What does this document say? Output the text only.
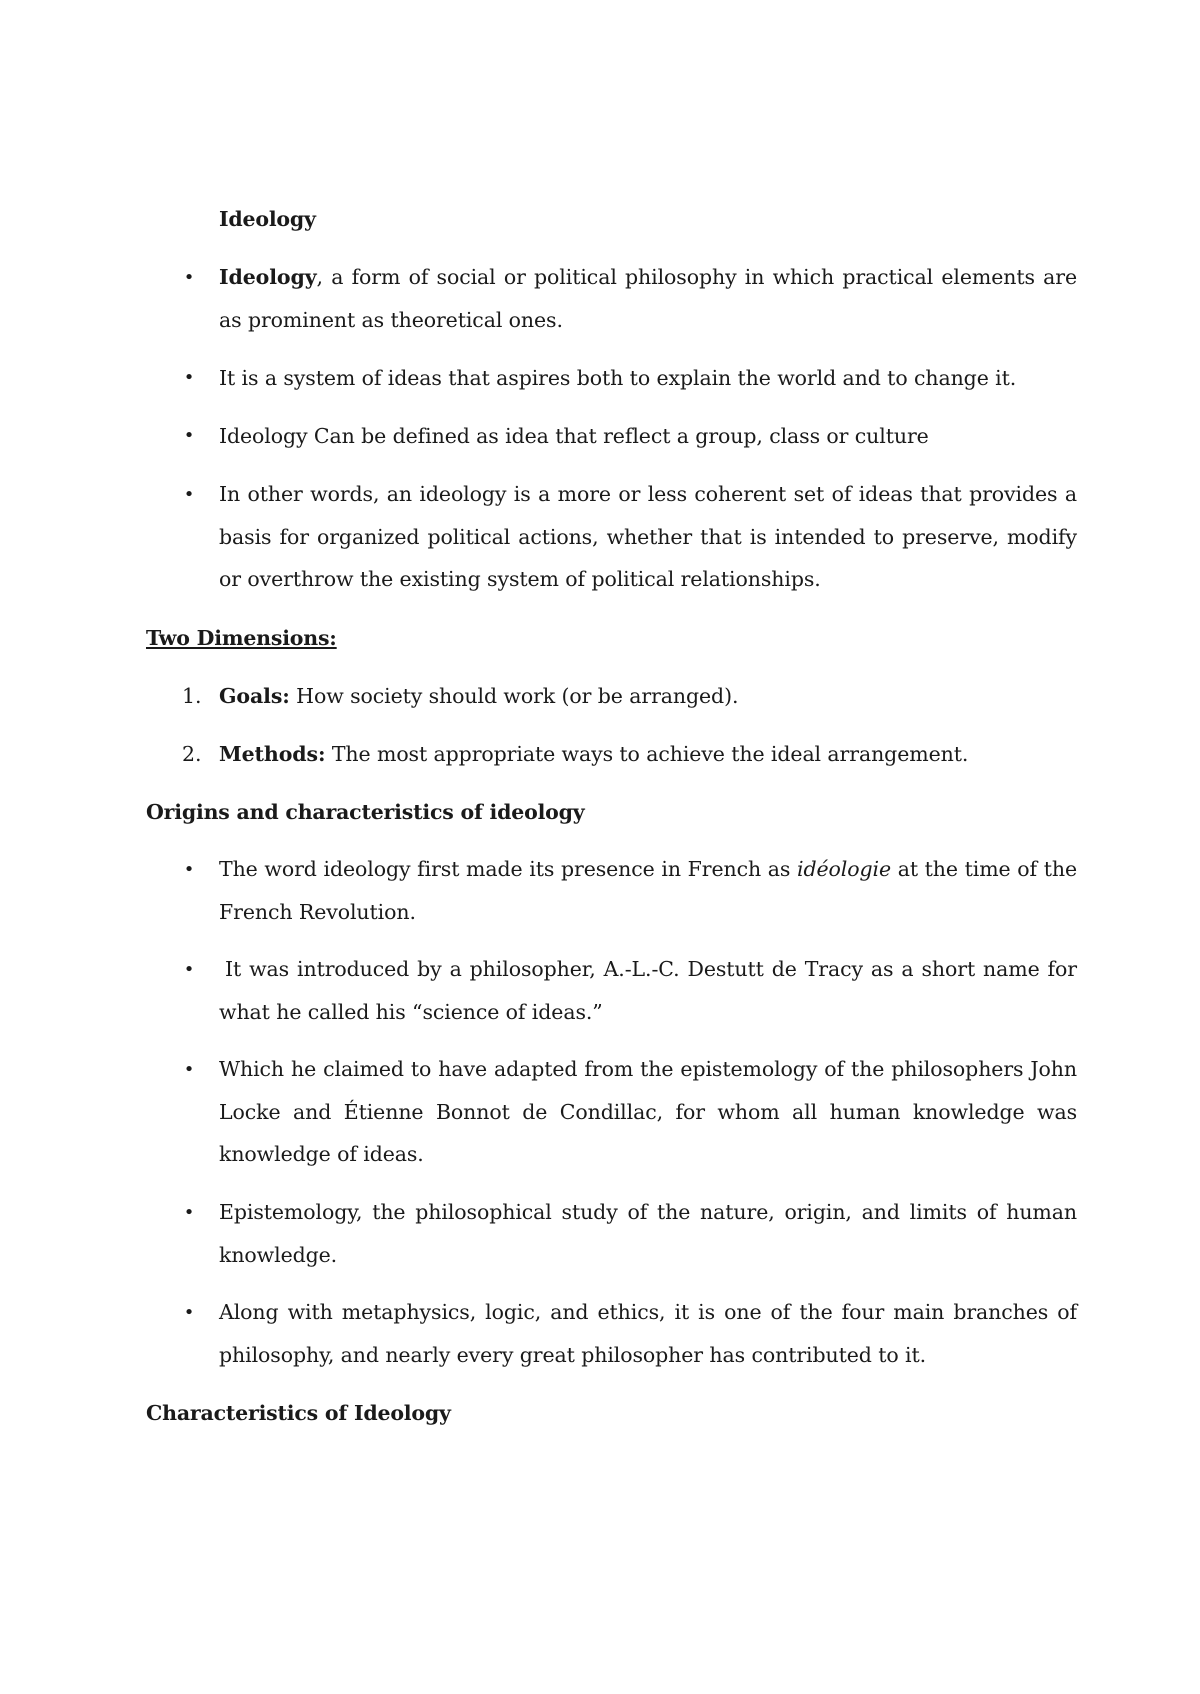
Ideology
• Ideology, a form of social or political philosophy in which practical elements are as prominent as theoretical ones.
• It is a system of ideas that aspires both to explain the world and to change it.
• Ideology Can be defined as idea that reflect a group, class or culture
• In other words, an ideology is a more or less coherent set of ideas that provides a basis for organized political actions, whether that is intended to preserve, modify or overthrow the existing system of political relationships.
Two Dimensions:
1. Goals: How society should work (or be arranged).
2. Methods: The most appropriate ways to achieve the ideal arrangement.
Origins and characteristics of ideology
• The word ideology first made its presence in French as idéologie at the time of the French Revolution.
• It was introduced by a philosopher, A.-L.-C. Destutt de Tracy as a short name for what he called his “science of ideas.”
• Which he claimed to have adapted from the epistemology of the philosophers John Locke and Étienne Bonnot de Condillac, for whom all human knowledge was knowledge of ideas.
• Epistemology, the philosophical study of the nature, origin, and limits of human knowledge.
• Along with metaphysics, logic, and ethics, it is one of the four main branches of philosophy, and nearly every great philosopher has contributed to it.
Characteristics of Ideology
